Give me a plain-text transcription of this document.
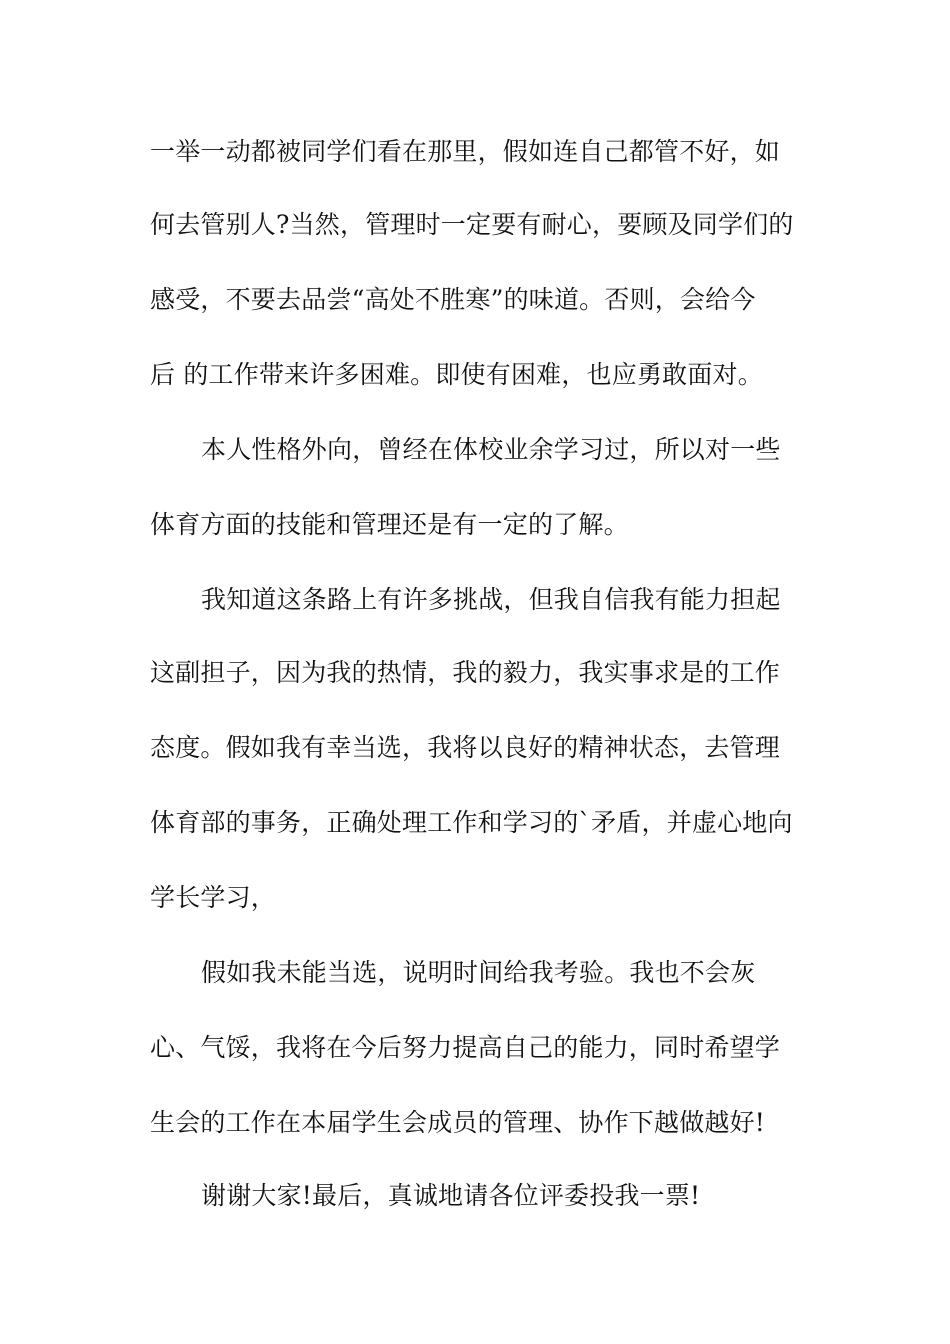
一举一动都被同学们看在那里，假如连自己都管不好，如
何去管别人?当然，管理时一定要有耐心，要顾及同学们的
感受，不要去品尝“高处不胜寒”的味道。否则，会给今
后 的工作带来许多困难。即使有困难，也应勇敢面对。
本人性格外向，曾经在体校业余学习过，所以对一些
体育方面的技能和管理还是有一定的了解。
我知道这条路上有许多挑战，但我自信我有能力担起
这副担子，因为我的热情，我的毅力，我实事求是的工作
态度。假如我有幸当选，我将以良好的精神状态，去管理
体育部的事务，正确处理工作和学习的`矛盾，并虚心地向
学长学习，
假如我未能当选，说明时间给我考验。我也不会灰
心、气馁，我将在今后努力提高自己的能力，同时希望学
生会的工作在本届学生会成员的管理、协作下越做越好!
谢谢大家!最后，真诚地请各位评委投我一票!
